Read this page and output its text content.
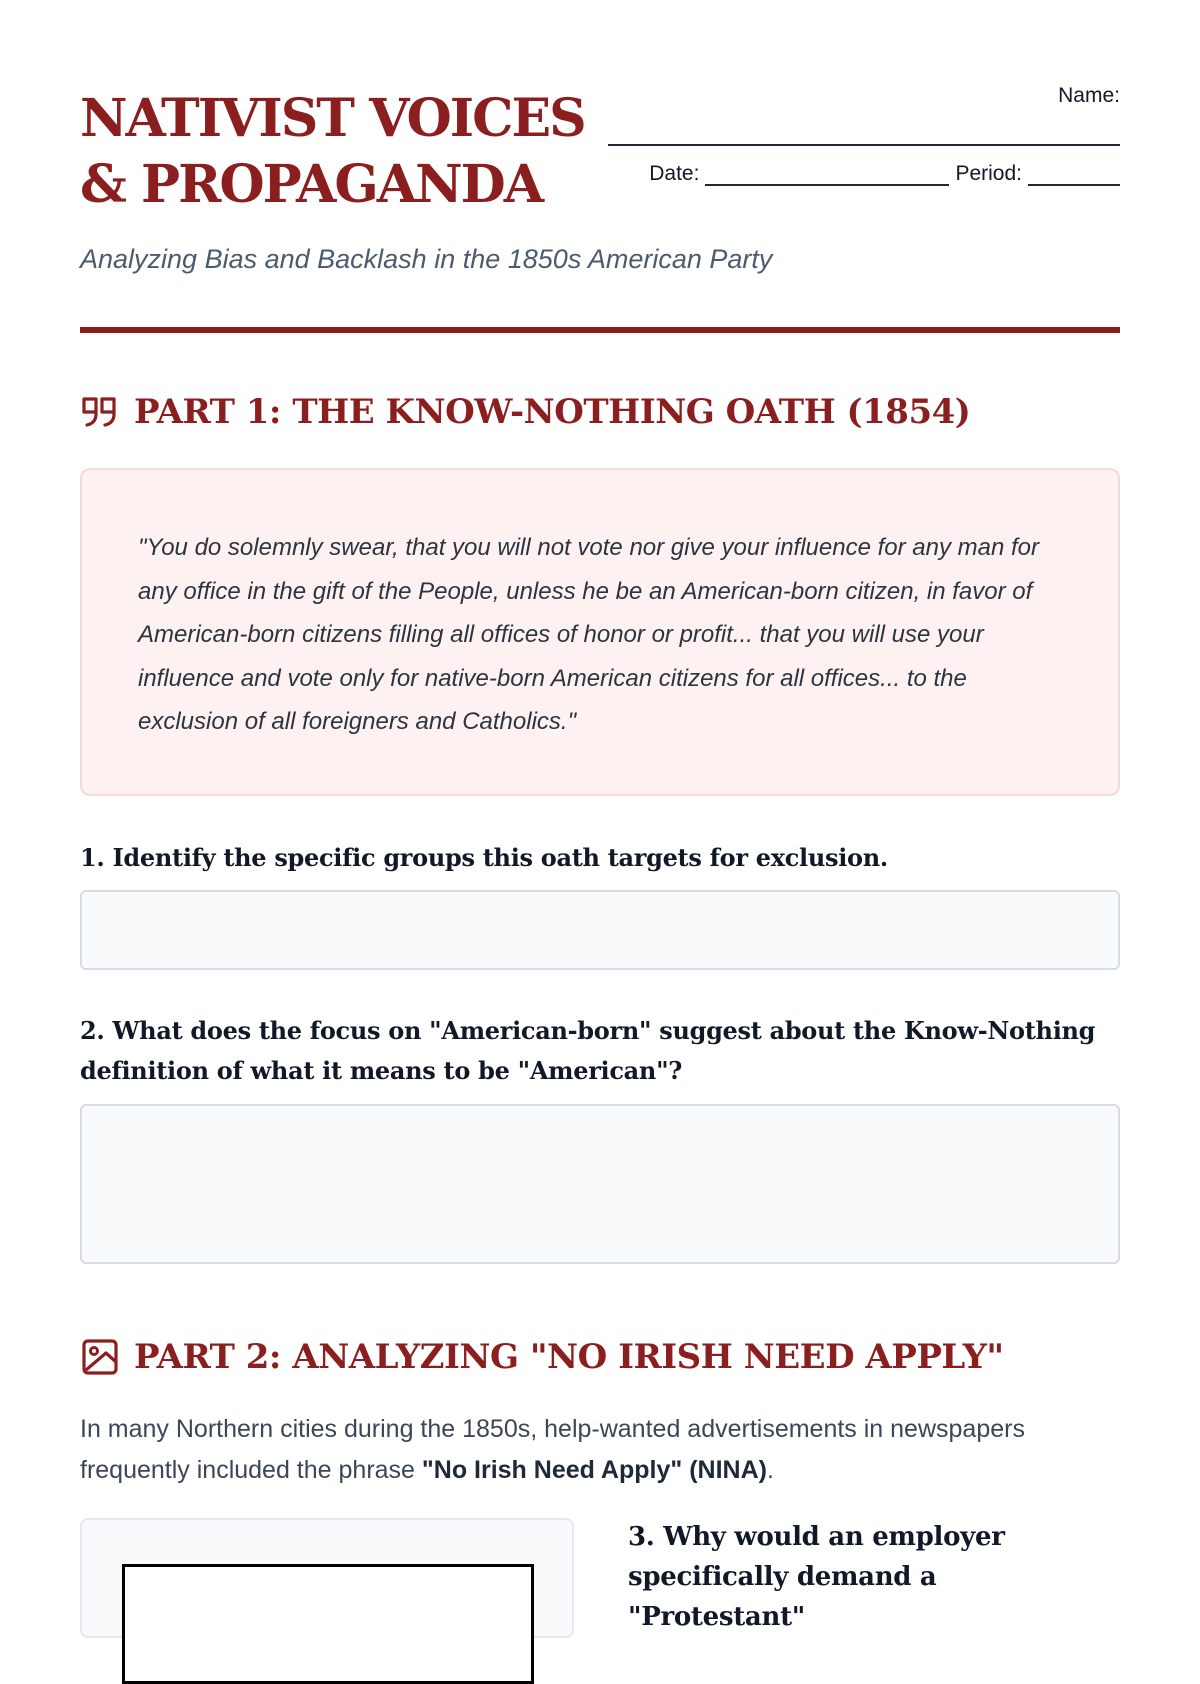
NATIVIST VOICES
& PROPAGANDA
Name:
Date:	Period:
Analyzing Bias and Backlash in the 1850s American Party
PART 1: THE KNOW-NOTHING OATH (1854)
"You do solemnly swear, that you will not vote nor give your influence for any man for any office in the gift of the People, unless he be an American-born citizen, in favor of American-born citizens filling all offices of honor or profit... that you will use your influence and vote only for native-born American citizens for all offices... to the exclusion of all foreigners and Catholics."
1. Identify the specific groups this oath targets for exclusion.
2. What does the focus on "American-born" suggest about the Know-Nothing definition of what it means to be "American"?
PART 2: ANALYZING "NO IRISH NEED APPLY"
In many Northern cities during the 1850s, help-wanted advertisements in newspapers frequently included the phrase "No Irish Need Apply" (NINA).
3. Why would an employer specifically demand a "Protestant"
